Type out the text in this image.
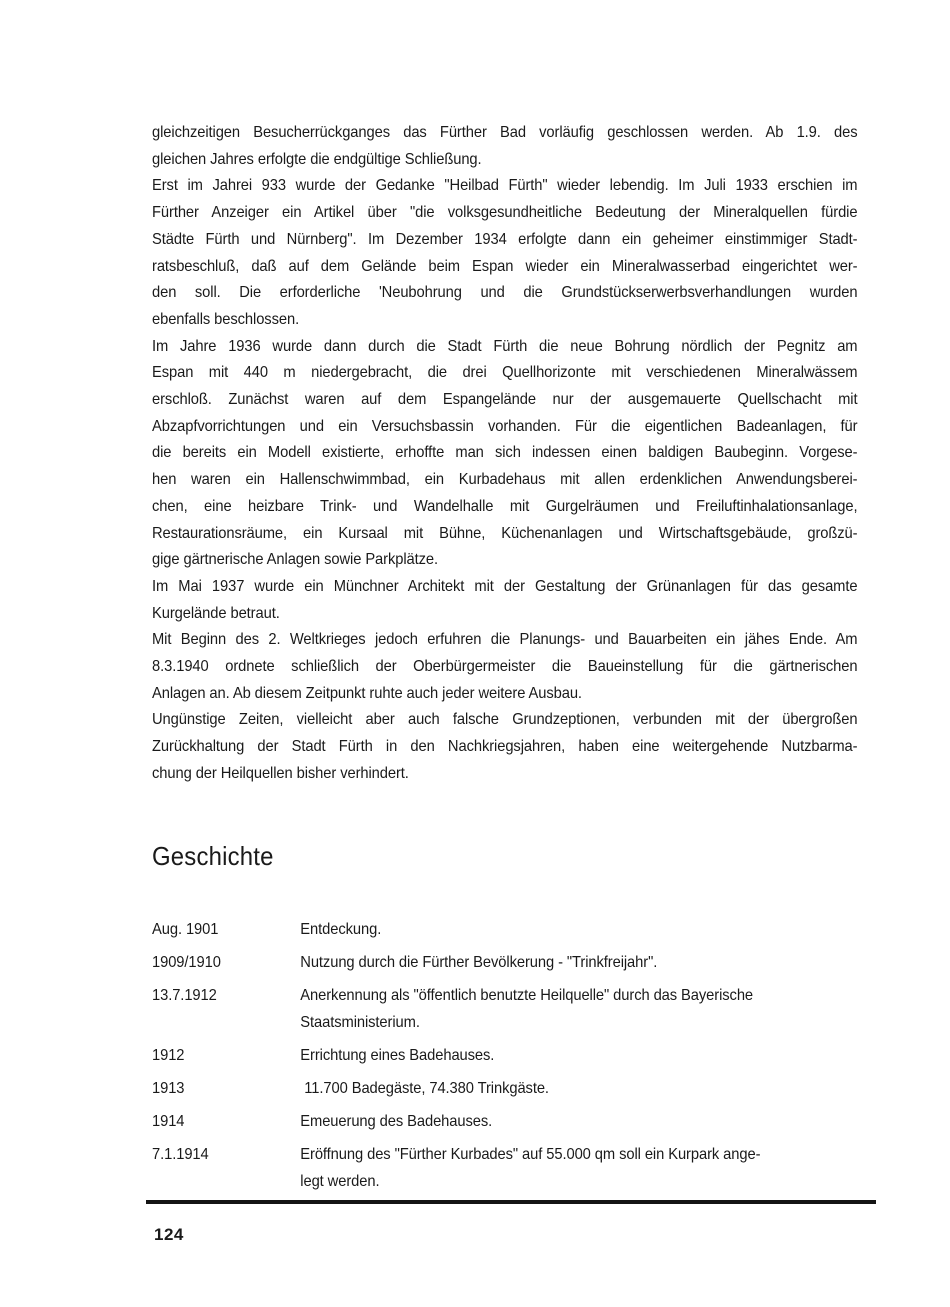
gleichzeitigen Besucherrückganges das Fürther Bad vorläufig geschlossen werden. Ab 1.9. des
gleichen Jahres erfolgte die endgültige Schließung.
Erst im Jahrei 933 wurde der Gedanke "Heilbad Fürth" wieder lebendig. Im Juli 1933 erschien im
Fürther Anzeiger ein Artikel über "die volksgesundheitliche Bedeutung der Mineralquellen fürdie
Städte Fürth und Nürnberg". Im Dezember 1934 erfolgte dann ein geheimer einstimmiger Stadt-
ratsbeschluß, daß auf dem Gelände beim Espan wieder ein Mineralwasserbad eingerichtet wer-
den soll. Die erforderliche 'Neubohrung und die Grundstückserwerbsverhandlungen wurden
ebenfalls beschlossen.
Im Jahre 1936 wurde dann durch die Stadt Fürth die neue Bohrung nördlich der Pegnitz am
Espan mit 440 m niedergebracht, die drei Quellhorizonte mit verschiedenen Mineralwässem
erschloß. Zunächst waren auf dem Espangelände nur der ausgemauerte Quellschacht mit
Abzapfvorrichtungen und ein Versuchsbassin vorhanden. Für die eigentlichen Badeanlagen, für
die bereits ein Modell existierte, erhoffte man sich indessen einen baldigen Baubeginn. Vorgese-
hen waren ein Hallenschwimmbad, ein Kurbadehaus mit allen erdenklichen Anwendungsberei-
chen, eine heizbare Trink- und Wandelhalle mit Gurgelräumen und Freiluftinhalationsanlage,
Restaurationsräume, ein Kursaal mit Bühne, Küchenanlagen und Wirtschaftsgebäude, großzü-
gige gärtnerische Anlagen sowie Parkplätze.
Im Mai 1937 wurde ein Münchner Architekt mit der Gestaltung der Grünanlagen für das gesamte
Kurgelände betraut.
Mit Beginn des 2. Weltkrieges jedoch erfuhren die Planungs- und Bauarbeiten ein jähes Ende. Am
8.3.1940 ordnete schließlich der Oberbürgermeister die Baueinstellung für die gärtnerischen
Anlagen an. Ab diesem Zeitpunkt ruhte auch jeder weitere Ausbau.
Ungünstige Zeiten, vielleicht aber auch falsche Grundzeptionen, verbunden mit der übergroßen
Zurückhaltung der Stadt Fürth in den Nachkriegsjahren, haben eine weitergehende Nutzbarma-
chung der Heilquellen bisher verhindert.
Geschichte
Aug. 1901	Entdeckung.
1909/1910	Nutzung durch die Fürther Bevölkerung - "Trinkfreijahr".
13.7.1912	Anerkennung als "öffentlich benutzte Heilquelle" durch das Bayerische
Staatsministerium.
1912	Errichtung eines Badehauses.
1913	11.700 Badegäste, 74.380 Trinkgäste.
1914	Emeuerung des Badehauses.
7.1.1914	Eröffnung des "Fürther Kurbades" auf 55.000 qm soll ein Kurpark ange-
legt werden.
124
